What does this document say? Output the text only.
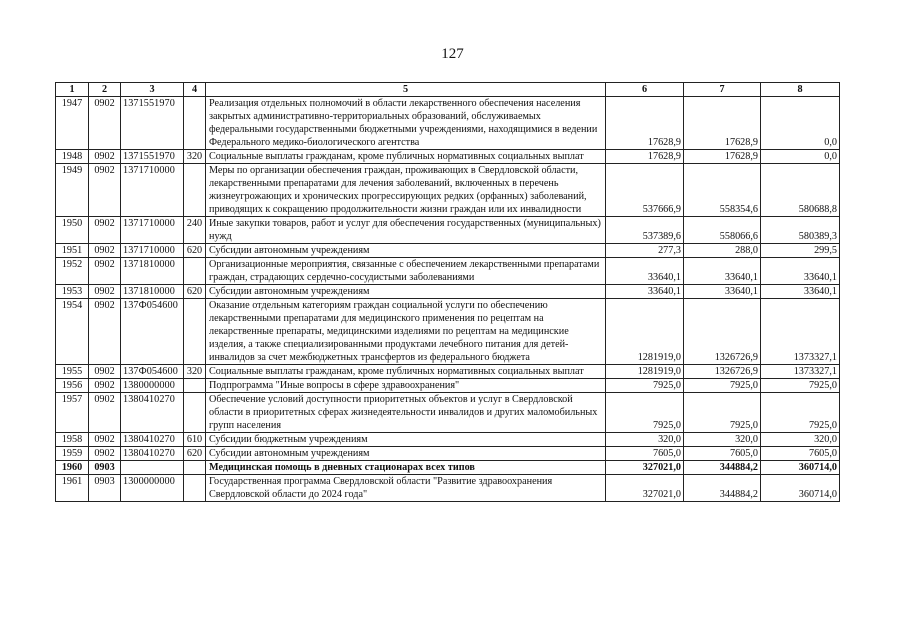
127
1	2	3	4	5	6	7	8
1947	0902	1371551970		Реализация отдельных полномочий в области лекарственного обеспечения населения закрытых административно-территориальных образований, обслуживаемых федеральными государственными бюджетными учреждениями, находящимися в ведении Федерального медико-биологического агентства	17628,9	17628,9	0,0
1948	0902	1371551970	320	Социальные выплаты гражданам, кроме публичных нормативных социальных выплат	17628,9	17628,9	0,0
1949	0902	1371710000		Меры по организации обеспечения граждан, проживающих в Свердловской области, лекарственными препаратами для лечения заболеваний, включенных в перечень жизнеугрожающих и хронических прогрессирующих редких (орфанных) заболеваний, приводящих к сокращению продолжительности жизни граждан или их инвалидности	537666,9	558354,6	580688,8
1950	0902	1371710000	240	Иные закупки товаров, работ и услуг для обеспечения государственных (муниципальных) нужд	537389,6	558066,6	580389,3
1951	0902	1371710000	620	Субсидии автономным учреждениям	277,3	288,0	299,5
1952	0902	1371810000		Организационные мероприятия, связанные с обеспечением лекарственными препаратами граждан, страдающих сердечно-сосудистыми заболеваниями	33640,1	33640,1	33640,1
1953	0902	1371810000	620	Субсидии автономным учреждениям	33640,1	33640,1	33640,1
1954	0902	137Ф054600		Оказание отдельным категориям граждан социальной услуги по обеспечению лекарственными препаратами для медицинского применения по рецептам на лекарственные препараты, медицинскими изделиями по рецептам на медицинские изделия, а также специализированными продуктами лечебного питания для детей-инвалидов за счет межбюджетных трансфертов из федерального бюджета	1281919,0	1326726,9	1373327,1
1955	0902	137Ф054600	320	Социальные выплаты гражданам, кроме публичных нормативных социальных выплат	1281919,0	1326726,9	1373327,1
1956	0902	1380000000		Подпрограмма "Иные вопросы в сфере здравоохранения"	7925,0	7925,0	7925,0
1957	0902	1380410270		Обеспечение условий доступности приоритетных объектов и услуг в Свердловской области в приоритетных сферах жизнедеятельности инвалидов и других маломобильных групп населения	7925,0	7925,0	7925,0
1958	0902	1380410270	610	Субсидии бюджетным учреждениям	320,0	320,0	320,0
1959	0902	1380410270	620	Субсидии автономным учреждениям	7605,0	7605,0	7605,0
1960	0903			Медицинская помощь в дневных стационарах всех типов	327021,0	344884,2	360714,0
1961	0903	1300000000		Государственная программа Свердловской области "Развитие здравоохранения Свердловской области до 2024 года"	327021,0	344884,2	360714,0
